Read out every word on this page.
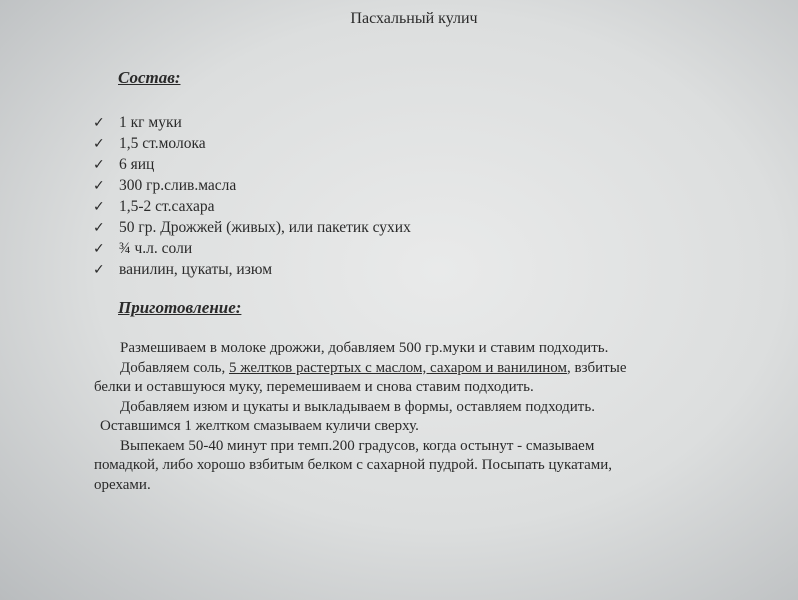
Пасхальный кулич
Состав:
✓ 1 кг муки
✓ 1,5 ст.молока
✓ 6 яиц
✓ 300 гр.слив.масла
✓ 1,5-2 ст.сахара
✓ 50 гр. Дрожжей (живых), или пакетик сухих
✓ ¾ ч.л. соли
✓ ванилин, цукаты, изюм
Приготовление:

Размешиваем в молоке дрожжи, добавляем 500 гр.муки и ставим подходить.

Добавляем соль, 5 желтков растертых с маслом, сахаром и ванилином, взбитые

белки и оставшуюся муку, перемешиваем и снова ставим подходить.

Добавляем изюм и цукаты и выкладываем в формы, оставляем подходить.

Оставшимся 1 желтком смазываем куличи сверху.

Выпекаем 50-40 минут при темп.200 градусов, когда остынут - смазываем

помадкой, либо хорошо взбитым белком с сахарной пудрой. Посыпать цукатами,

орехами.
